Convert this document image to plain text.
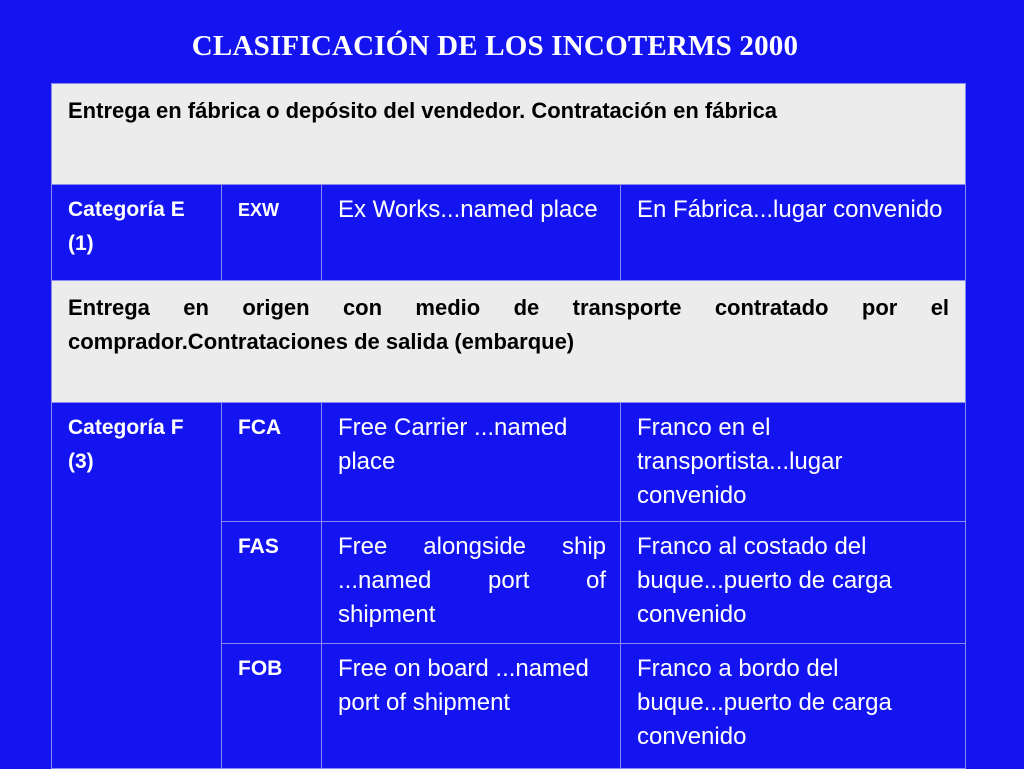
CLASIFICACIÓN DE LOS INCOTERMS 2000
Entrega en fábrica o depósito del vendedor. Contratación en fábrica			
Categoría E (1)	EXW	Ex Works...named place	En Fábrica...lugar convenido
Entrega en origen con medio de transporte contratado por el comprador.Contrataciones de salida (embarque)			
Categoría F (3)	FCA	Free Carrier ...named place	Franco en el transportista...lugar convenido
	FAS	Free alongside ship ...named port of shipment	Franco al costado del buque...puerto de carga convenido
	FOB	Free on board ...named port of shipment	Franco a bordo del buque...puerto de carga convenido
